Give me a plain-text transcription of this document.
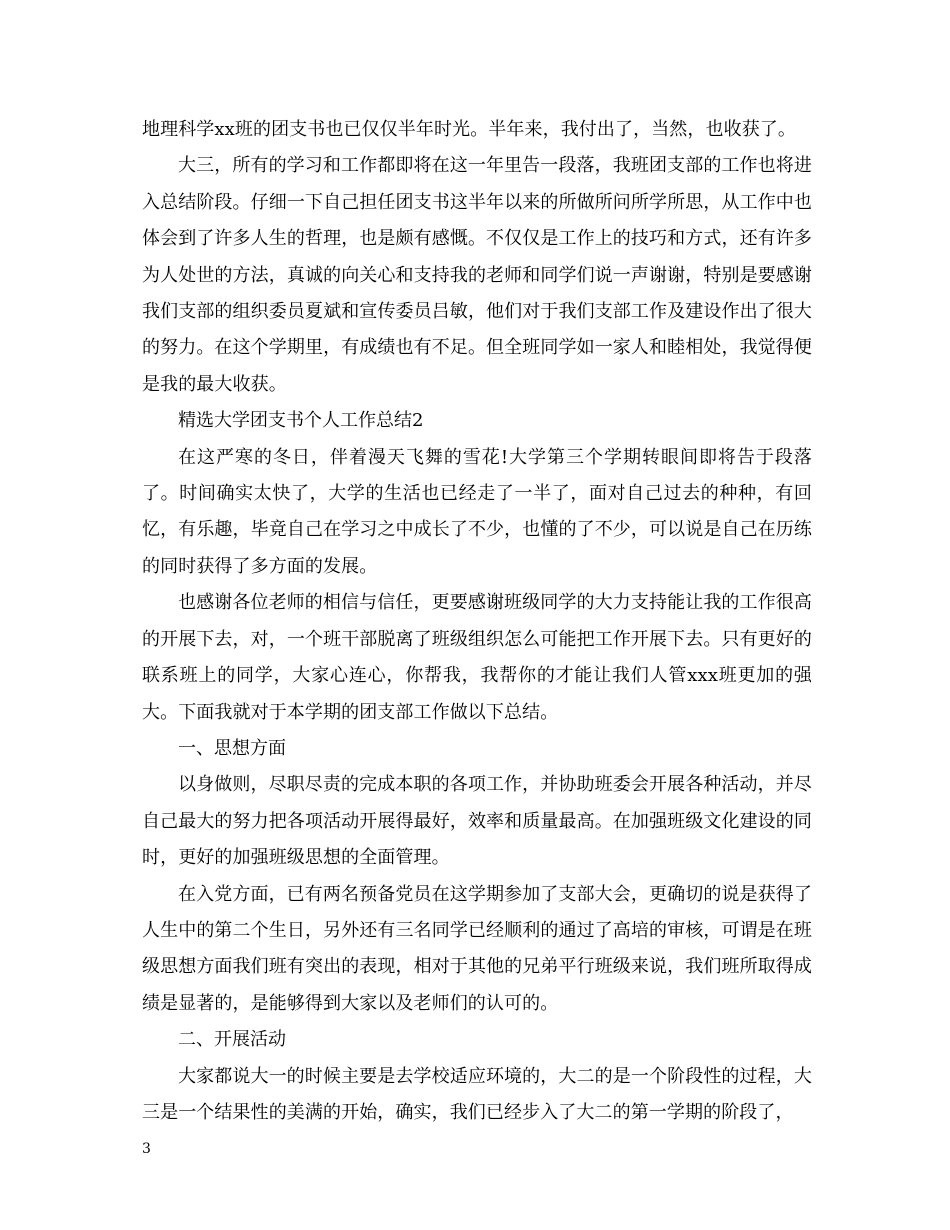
地理科学xx班的团支书也已仅仅半年时光。半年来，我付出了，当然，也收获了。

大三，所有的学习和工作都即将在这一年里告一段落，我班团支部的工作也将进入总结阶段。仔细一下自己担任团支书这半年以来的所做所问所学所思，从工作中也体会到了许多人生的哲理，也是颇有感慨。不仅仅是工作上的技巧和方式，还有许多为人处世的方法，真诚的向关心和支持我的老师和同学们说一声谢谢，特别是要感谢我们支部的组织委员夏斌和宣传委员吕敏，他们对于我们支部工作及建设作出了很大的努力。在这个学期里，有成绩也有不足。但全班同学如一家人和睦相处，我觉得便是我的最大收获。

精选大学团支书个人工作总结2

在这严寒的冬日，伴着漫天飞舞的雪花!大学第三个学期转眼间即将告于段落了。时间确实太快了，大学的生活也已经走了一半了，面对自己过去的种种，有回忆，有乐趣，毕竟自己在学习之中成长了不少，也懂的了不少，可以说是自己在历练的同时获得了多方面的发展。

也感谢各位老师的相信与信任，更要感谢班级同学的大力支持能让我的工作很高的开展下去，对，一个班干部脱离了班级组织怎么可能把工作开展下去。只有更好的联系班上的同学，大家心连心，你帮我，我帮你的才能让我们人管xxx班更加的强大。下面我就对于本学期的团支部工作做以下总结。

一、思想方面

以身做则，尽职尽责的完成本职的各项工作，并协助班委会开展各种活动，并尽自己最大的努力把各项活动开展得最好，效率和质量最高。在加强班级文化建设的同时，更好的加强班级思想的全面管理。

在入党方面，已有两名预备党员在这学期参加了支部大会，更确切的说是获得了人生中的第二个生日，另外还有三名同学已经顺利的通过了高培的审核，可谓是在班级思想方面我们班有突出的表现，相对于其他的兄弟平行班级来说，我们班所取得成绩是显著的，是能够得到大家以及老师们的认可的。

二、开展活动

大家都说大一的时候主要是去学校适应环境的，大二的是一个阶段性的过程，大三是一个结果性的美满的开始，确实，我们已经步入了大二的第一学期的阶段了，

3
